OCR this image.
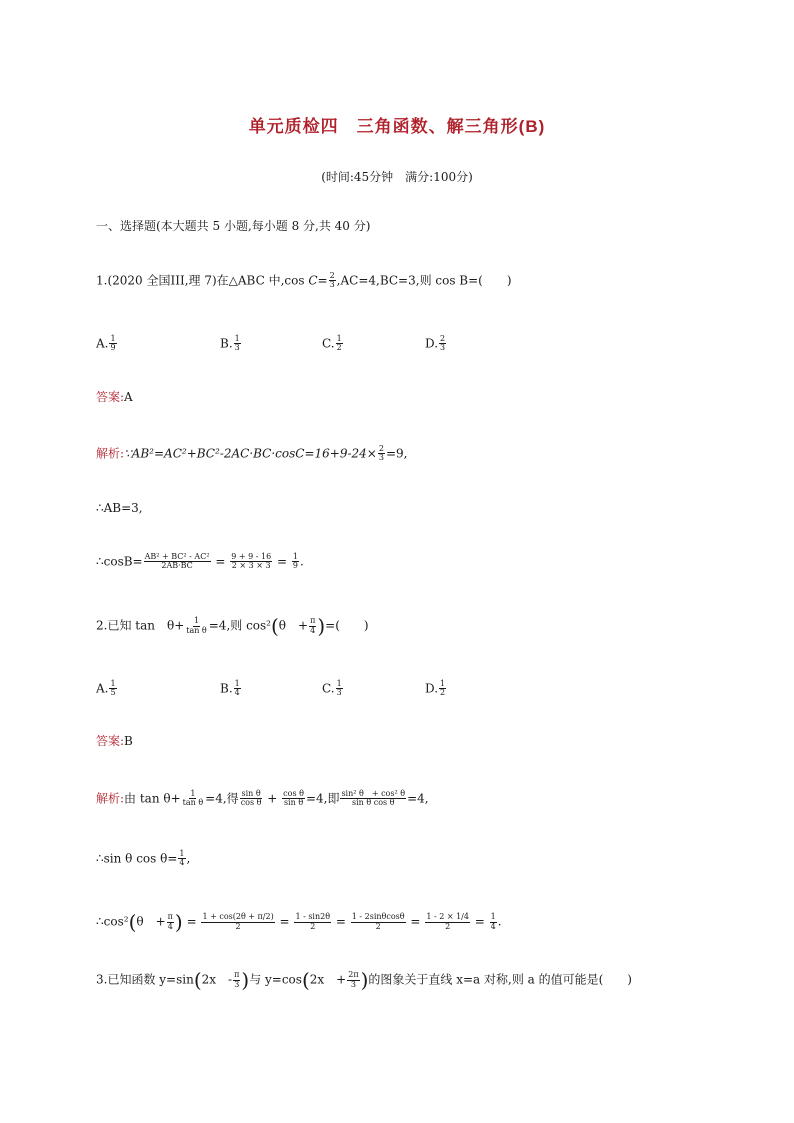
单元质检四　三角函数、解三角形(B)
(时间:45分钟　满分:100分)
一、选择题(本大题共 5 小题,每小题 8 分,共 40 分)
1.(2020 全国III,理 7)在△ABC 中,cos $C= \frac{2}{3} ,AC=4,BC=3$,则 cos B=(　　)
A. $\frac{1}{9}$	B. $\frac{1}{3}$	C. $\frac{1}{2}$	D. $\frac{2}{3}$
答案:A
解析:∵AB²=AC²+BC²-2AC·BC·cosC=16+9-24× $\frac{2}{3} =9$,
∴AB=3,
∴cosB= $\frac{\text{AB² + BC² - AC²}}{2AB\cdot BC} = \frac{9 + 9 - 16}{2 \times 3 \times 3} = \frac{1}{9}$ .
2.已知 tan　$\theta+ \frac{1}{\text{tan θ}} =4$,则 cos²(θ　+ $\frac{\pi}{4}$ )=(　　)
A. $\frac{1}{5}$	B. $\frac{1}{4}$	C. $\frac{1}{3}$	D. $\frac{1}{2}$
答案:B
解析:由 $\tan \theta+ \frac{1}{\text{tan θ}} =4$,得 $\frac{\text{sin θ}}{\text{cos θ}} + \frac{\text{cos θ}}{\text{sin θ}} =4$,即 $\frac{\text{sin² θ　+ cos² θ}}{\text{sin θ cos θ}} =4$,
∴sin θ $\cos \theta= \frac{1}{4}$ ,
∴cos²(θ　+ $\frac{\pi}{4}$ ) = $\frac{1 + \cos(2\theta + \pi/2)}{2} = \frac{1 - \sin 2\theta}{2} = \frac{1 - 2\sin\theta\cos\theta}{2} = \frac{1 - 2 \times 1/4}{2} = \frac{1}{4}$ .
3.已知函数 y=sin(2x　- $\frac{\pi}{3}$ )与 y=cos(2x　+ $\frac{2\pi}{3}$ )的图象关于直线 x=a 对称,则 a 的值可能是(　　)
